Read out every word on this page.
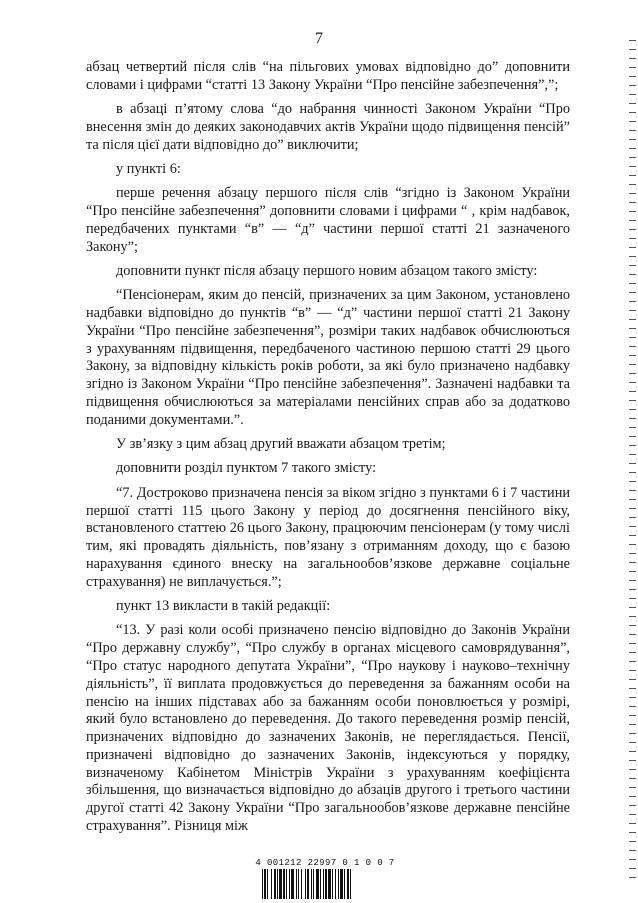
7

абзац четвертий після слів “на пільгових умовах відповідно до” доповнити словами і цифрами “статті 13 Закону України “Про пенсійне забезпечення”,”;

в абзаці п’ятому слова “до набрання чинності Законом України “Про внесення змін до деяких законодавчих актів України щодо підвищення пенсій” та після цієї дати відповідно до” виключити;

у пункті 6:

перше речення абзацу першого після слів “згідно із Законом України “Про пенсійне забезпечення” доповнити словами і цифрами “ , крім надбавок, передбачених пунктами “в” — “д” частини першої статті 21 зазначеного Закону”;

доповнити пункт після абзацу першого новим абзацом такого змісту:

“Пенсіонерам, яким до пенсій, призначених за цим Законом, установлено надбавки відповідно до пунктів “в” — “д” частини першої статті 21 Закону України “Про пенсійне забезпечення”, розміри таких надбавок обчислюються з урахуванням підвищення, передбаченого частиною першою статті 29 цього Закону, за відповідну кількість років роботи, за які було призначено надбавку згідно із Законом України “Про пенсійне забезпечення”. Зазначені надбавки та підвищення обчислюються за матеріалами пенсійних справ або за додатково поданими документами.”.

У зв’язку з цим абзац другий вважати абзацом третім;

доповнити розділ пунктом 7 такого змісту:

“7. Достроково призначена пенсія за віком згідно з пунктами 6 і 7 частини першої статті 115 цього Закону у період до досягнення пенсійного віку, встановленого статтею 26 цього Закону, працюючим пенсіонерам (у тому числі тим, які провадять діяльність, пов’язану з отриманням доходу, що є базою нарахування єдиного внеску на загальнообов’язкове державне соціальне страхування) не виплачується.”;

пункт 13 викласти в такій редакції:

“13. У разі коли особі призначено пенсію відповідно до Законів України “Про державну службу”, “Про службу в органах місцевого самоврядування”, “Про статус народного депутата України”, “Про наукову і науково–технічну діяльність”, її виплата продовжується до переведення за бажанням особи на пенсію на інших підставах або за бажанням особи поновлюється у розмірі, який було встановлено до переведення. До такого переведення розмір пенсій, призначених відповідно до зазначених Законів, не переглядається. Пенсії, призначені відповідно до зазначених Законів, індексуються у порядку, визначеному Кабінетом Міністрів України з урахуванням коефіцієнта збільшення, що визначається відповідно до абзаців другого і третього частини другої статті 42 Закону України “Про загальнообов’язкове державне пенсійне страхування”. Різниця між

4 001212 22997 0 1 0 0 7
